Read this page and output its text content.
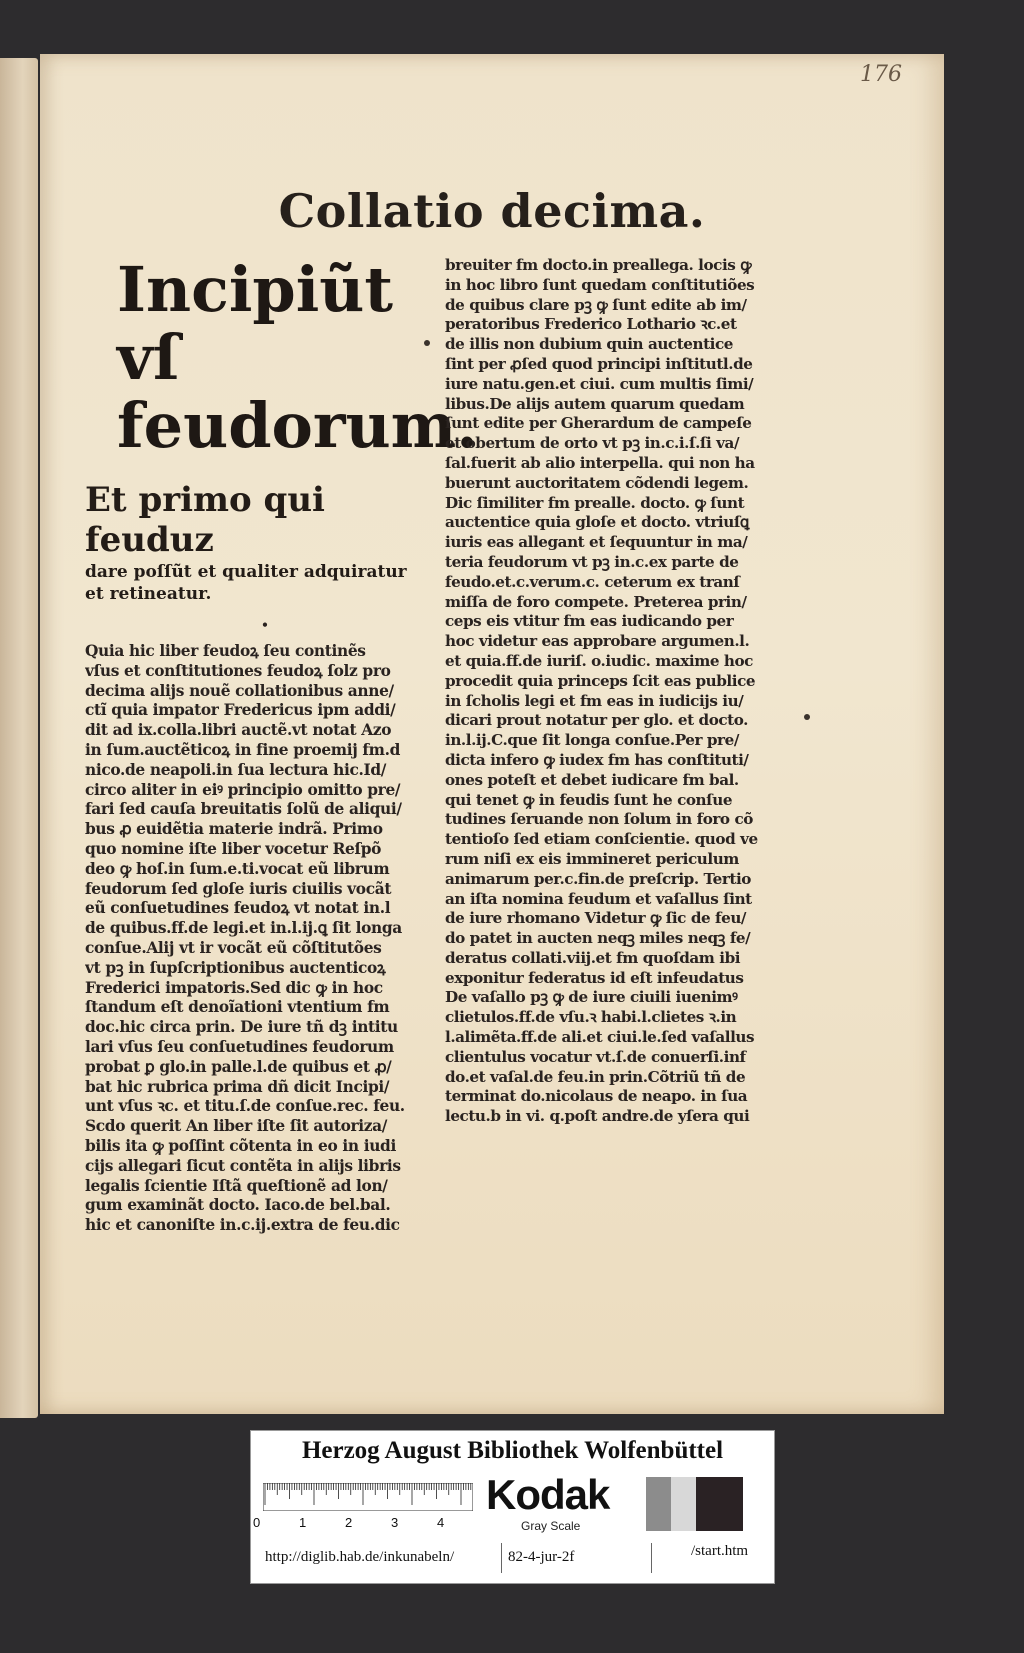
176
Collatio decima.
Incipiũt vſ
feudorum.
Et primo qui feuduz
dare poſſũt et qualiter adquiratur
et retineatur.
•
Quia hic liber feudoꝝ ſeu continẽs
vſus et conſtitutiones feudoꝝ ſolz pro
decima alijs nouẽ collationibus anne/
ctĩ quia impator Fredericus ipm addi/
dit ad ix.colla.libri auctẽ.vt notat Azo
in ſum.auctẽticoꝝ in fine proemij fm.d
nico.de neapoli.in ſua lectura hic.Id/
circo aliter in eiꝰ principio omitto pre/
fari ſed cauſa breuitatis ſolũ de aliqui/
bus ꝓ euidẽtia materie indrã. Primo
quo nomine iſte liber vocetur Reſpõ
deo ꝙ hoſ.in ſum.e.ti.vocat eũ librum
feudorum ſed gloſe iuris ciuilis vocãt
eũ conſuetudines feudoꝝ vt notat in.l
de quibus.ff.de legi.et in.l.ij.ꝗ ſit longa
conſue.Alij vt ir vocãt eũ cõſtitutões
vt pꝫ in ſupſcriptionibus auctenticoꝝ
Frederici impatoris.Sed dic ꝙ in hoc
ſtandum eſt denoĩationi vtentium fm
doc.hic circa prin. De iure tñ dꝫ intitu
lari vſus ſeu conſuetudines feudorum
probat ꝑ glo.in palle.l.de quibus et ꝓ/
bat hic rubrica prima dñ dicit Incipi/
unt vſus ꝛc. et titu.ſ.de conſue.rec. feu.
Scdo querit An liber iſte ſit autoriza/
bilis ita ꝙ poſſint cõtenta in eo in iudi
cijs allegari ſicut contẽta in alijs libris
legalis ſcientie Iſtã queſtionẽ ad lon/
gum examinãt docto. Iaco.de bel.bal.
hic et canoniſte in.c.ij.extra de feu.dic
breuiter fm docto.in preallega. locis ꝙ
in hoc libro ſunt quedam conſtitutiões
de quibus clare pꝫ ꝙ ſunt edite ab im/
peratoribus Frederico Lothario ꝛc.et
de illis non dubium quin auctentice
ſint per ꝓſed quod principi inſtitutl.de
iure natu.gen.et ciui. cum multis ſimi/
libus.De alijs autem quarum quedam
ſunt edite per Gherardum de campeſe
et obertum de orto vt pꝫ in.c.i.ſ.ſi va/
ſal.fuerit ab alio interpella. qui non ha
buerunt auctoritatem cõdendi legem.
Dic ſimiliter fm prealle. docto. ꝙ ſunt
auctentice quia gloſe et docto. vtriuſꝗ
iuris eas allegant et ſequuntur in ma/
teria feudorum vt pꝫ in.c.ex parte de
feudo.et.c.verum.c. ceterum ex tranſ
miſſa de foro compete. Preterea prin/
ceps eis vtitur fm eas iudicando per
hoc videtur eas approbare argumen.l.
et quia.ff.de iuriſ. o.iudic. maxime hoc
procedit quia princeps ſcit eas publice
in ſcholis legi et fm eas in iudicijs iu/
dicari prout notatur per glo. et docto.
in.l.ij.C.que ſit longa conſue.Per pre/
dicta infero ꝙ iudex fm has conſtituti/
ones poteſt et debet iudicare fm bal.
qui tenet ꝙ in feudis ſunt he conſue
tudines ſeruande non ſolum in foro cõ
tentioſo ſed etiam conſcientie. quod ve
rum niſi ex eis immineret periculum
animarum per.c.fin.de preſcrip. Tertio
an iſta nomina feudum et vaſallus ſint
de iure rhomano Videtur ꝙ ſic de feu/
do patet in aucten neqꝫ miles neqꝫ fe/
deratus collati.viij.et fm quoſdam ibi
exponitur federatus id eſt infeudatus
De vaſallo pꝫ ꝙ de iure ciuili iuenimꝰ
clietulos.ff.de vſu.ꝛ habi.l.clietes ꝛ.in
l.alimẽta.ff.de ali.et ciui.le.ſed vaſallus
clientulus vocatur vt.ſ.de conuerſi.inf
do.et vaſal.de feu.in prin.Cõtriũ tñ de
terminat do.nicolaus de neapo. in ſua
lectu.b in vi. q.poſt andre.de yſera qui
Herzog August Bibliothek Wolfenbüttel
0	1	2	3	4
Kodak
Gray Scale
http://diglib.hab.de/inkunabeln/	82-4-jur-2f	/start.htm
